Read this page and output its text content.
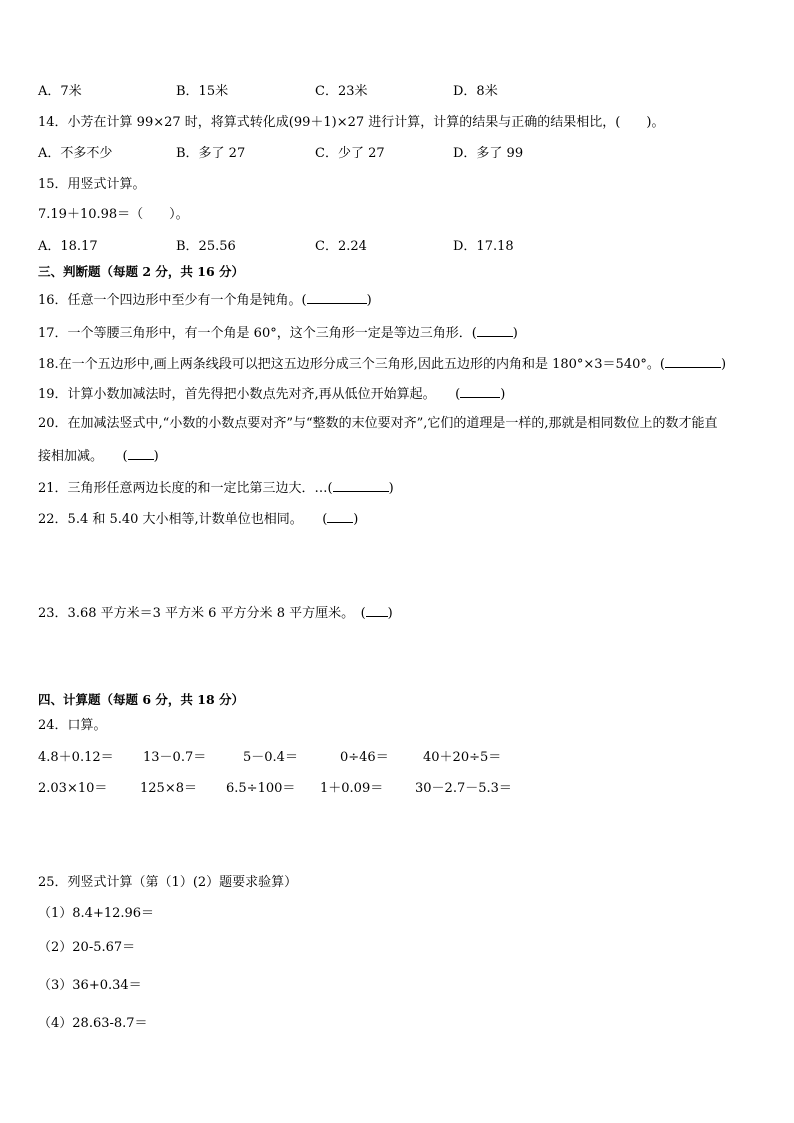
A．7米	B．15米	C．23米	D．8米
14．小芳在计算 99×27 时，将算式转化成(99＋1)×27 进行计算，计算的结果与正确的结果相比，(　　)。
A．不多不少	B．多了 27	C．少了 27	D．多了 99
15．用竖式计算。
7.19＋10.98＝（　　）。
A．18.17	B．25.56	C．2.24	D．17.18
三、判断题（每题 2 分，共 16 分）
16．任意一个四边形中至少有一个角是钝角。(	)
17．一个等腰三角形中，有一个角是 60°，这个三角形一定是等边三角形．(	)
18.在一个五边形中,画上两条线段可以把这五边形分成三个三角形,因此五边形的内角和是 180°×3＝540°。(	)
19．计算小数加减法时，首先得把小数点先对齐,再从低位开始算起。　　(	)
20．在加减法竖式中,“小数的小数点要对齐”与“整数的末位要对齐”,它们的道理是一样的,那就是相同数位上的数才能直
接相加减。　　( )
21．三角形任意两边长度的和一定比第三边大．…(	)
22．5.4 和 5.40 大小相等,计数单位也相同。　　( )
23．3.68 平方米＝3 平方米 6 平方分米 8 平方厘米。　( )
四、计算题（每题 6 分，共 18 分）
24．口算。
4.8＋0.12＝ 13－0.7＝	5－0.4＝	0÷46＝	40＋20÷5＝
2.03×10＝	125×8＝ 6.5÷100＝ 1＋0.09＝ 30－2.7－5.3＝
25．列竖式计算（第（1）(2）题要求验算）
（1）8.4+12.96＝
（2）20-5.67＝
（3）36+0.34＝
（4）28.63-8.7＝
